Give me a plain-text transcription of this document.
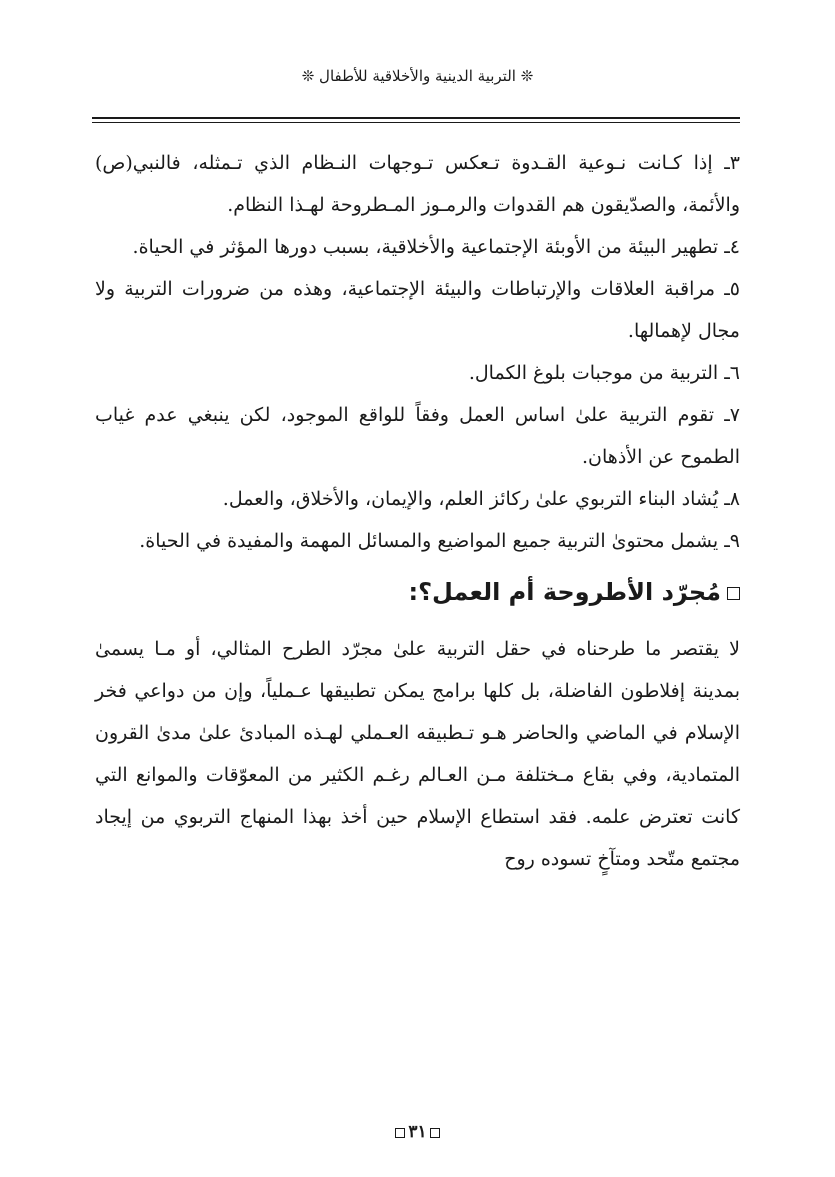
❊ التربية الدينية والأخلاقية للأطفال ❊

٣ـ إذا كـانت نـوعية القـدوة تـعكس تـوجهات النـظام الذي تـمثله، فالنبي(ص) والأئمة، والصدّيقون هم القدوات والرمـوز المـطروحة لهـذا النظام.

٤ـ تطهير البيئة من الأوبئة الإجتماعية والأخلاقية، بسبب دورها المؤثر في الحياة.

٥ـ مراقبة العلاقات والإرتباطات والبيئة الإجتماعية، وهذه من ضرورات التربية ولا مجال لإهمالها.

٦ـ التربية من موجبات بلوغ الكمال.

٧ـ تقوم التربية علىٰ اساس العمل وفقاً للواقع الموجود، لكن ينبغي عدم غياب الطموح عن الأذهان.

٨ـ يُشاد البناء التربوي علىٰ ركائز العلم، والإيمان، والأخلاق، والعمل.

٩ـ يشمل محتوىٰ التربية جميع المواضيع والمسائل المهمة والمفيدة في الحياة.

مُجرّد الأطروحة أم العمل؟:

لا يقتصر ما طرحناه في حقل التربية علىٰ مجرّد الطرح المثالي، أو مـا يسمىٰ بمدينة إفلاطون الفاضلة، بل كلها برامج يمكن تطبيقها عـملياً، وإن من دواعي فخر الإسلام في الماضي والحاضر هـو تـطبيقه العـملي لهـذه المبادئ علىٰ مدىٰ القرون المتمادية، وفي بقاع مـختلفة مـن العـالم رغـم الكثير من المعوّقات والموانع التي كانت تعترض علمه. فقد استطاع الإسلام حين أخذ بهذا المنهاج التربوي من إيجاد مجتمع متّحد ومتآخٍ تسوده روح

٣١
